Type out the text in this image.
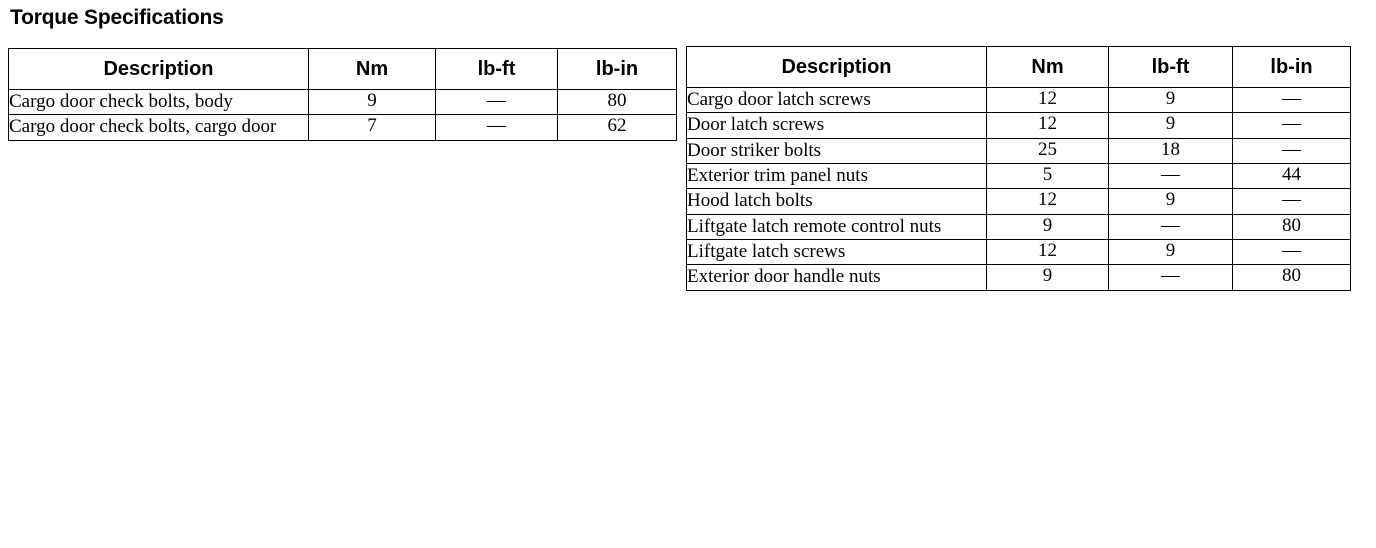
Torque Specifications
Description	Nm	lb-ft	lb-in
Cargo door check bolts, body	9	—	80
Cargo door check bolts, cargo door	7	—	62
Description	Nm	lb-ft	lb-in
Cargo door latch screws	12	9	—
Door latch screws	12	9	—
Door striker bolts	25	18	—
Exterior trim panel nuts	5	—	44
Hood latch bolts	12	9	—
Liftgate latch remote control nuts	9	—	80
Liftgate latch screws	12	9	—
Exterior door handle nuts	9	—	80
